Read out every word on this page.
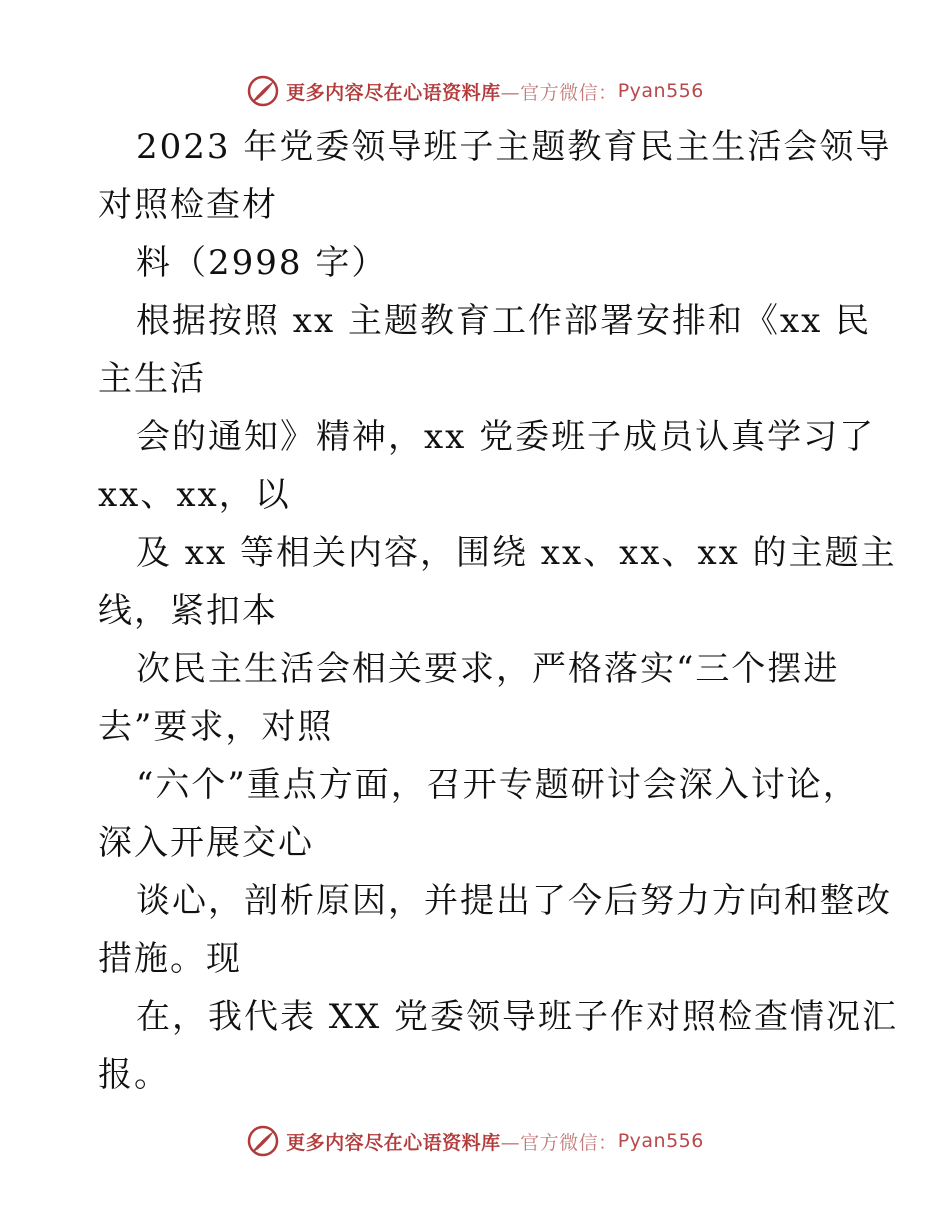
更多内容尽在心语资料库 —官方微信： Pyan556
2023 年党委领导班子主题教育民主生活会领导
对照检查材
料（2998 字）
根据按照 xx 主题教育工作部署安排和《xx 民
主生活
会的通知》精神，xx 党委班子成员认真学习了
xx、xx，以
及 xx 等相关内容，围绕 xx、xx、xx 的主题主
线，紧扣本
次民主生活会相关要求，严格落实“三个摆进
去”要求，对照
“六个”重点方面，召开专题研讨会深入讨论，
深入开展交心
谈心，剖析原因，并提出了今后努力方向和整改
措施。现
在，我代表 XX 党委领导班子作对照检查情况汇
报。
更多内容尽在心语资料库 —官方微信： Pyan556
